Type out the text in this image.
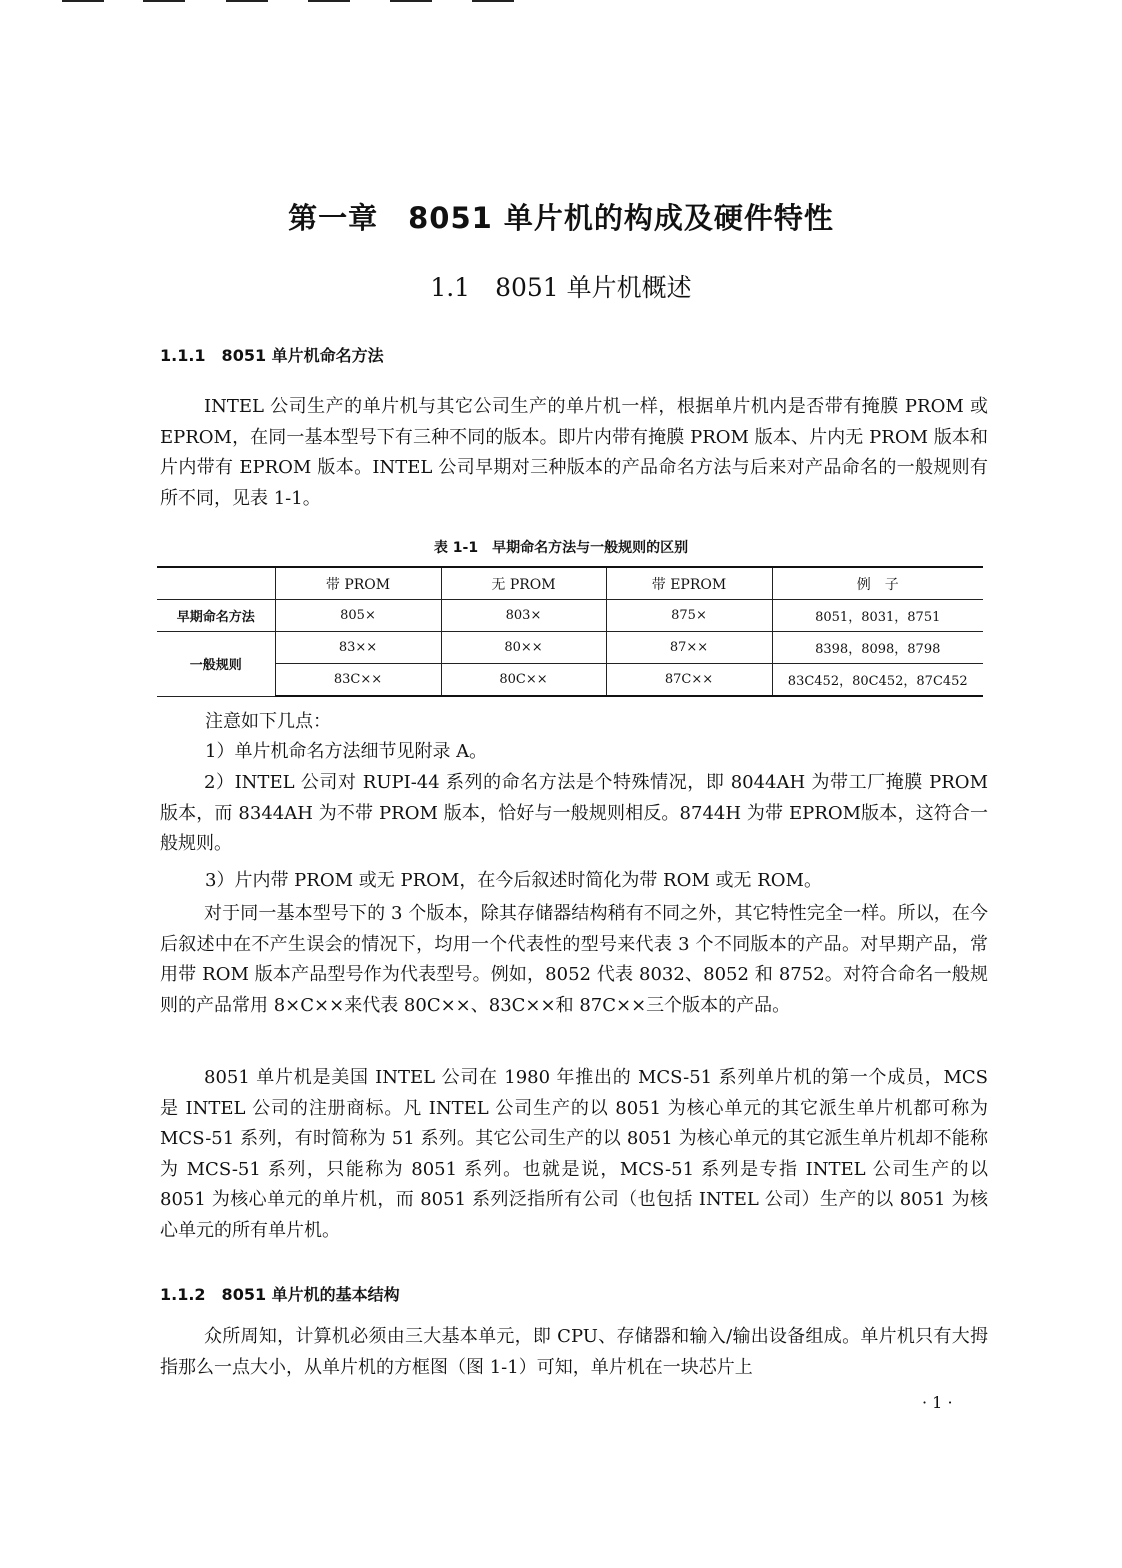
第一章　8051 单片机的构成及硬件特性
1.1　8051 单片机概述
1.1.1　8051 单片机命名方法

INTEL 公司生产的单片机与其它公司生产的单片机一样，根据单片机内是否带有掩膜 PROM 或 EPROM，在同一基本型号下有三种不同的版本。即片内带有掩膜 PROM 版本、片内无 PROM 版本和片内带有 EPROM 版本。INTEL 公司早期对三种版本的产品命名方法与后来对产品命名的一般规则有所不同，见表 1-1。

表 1-1　早期命名方法与一般规则的区别

	带 PROM	无 PROM	带 EPROM	例　子
早期命名方法	805×	803×	875×	8051，8031，8751
一般规则	83××	80××	87××	8398，8098，8798
	83C××	80C××	87C××	83C452，80C452，87C452

注意如下几点：

1）单片机命名方法细节见附录 A。

2）INTEL 公司对 RUPI-44 系列的命名方法是个特殊情况，即 8044AH 为带工厂掩膜 PROM 版本，而 8344AH 为不带 PROM 版本，恰好与一般规则相反。8744H 为带 EPROM版本，这符合一般规则。

3）片内带 PROM 或无 PROM，在今后叙述时简化为带 ROM 或无 ROM。

对于同一基本型号下的 3 个版本，除其存储器结构稍有不同之外，其它特性完全一样。所以，在今后叙述中在不产生误会的情况下，均用一个代表性的型号来代表 3 个不同版本的产品。对早期产品，常用带 ROM 版本产品型号作为代表型号。例如，8052 代表 8032、8052 和 8752。对符合命名一般规则的产品常用 8×C××来代表 80C××、83C××和 87C××三个版本的产品。

8051 单片机是美国 INTEL 公司在 1980 年推出的 MCS-51 系列单片机的第一个成员，MCS 是 INTEL 公司的注册商标。凡 INTEL 公司生产的以 8051 为核心单元的其它派生单片机都可称为 MCS-51 系列，有时简称为 51 系列。其它公司生产的以 8051 为核心单元的其它派生单片机却不能称为 MCS-51 系列，只能称为 8051 系列。也就是说，MCS-51 系列是专指 INTEL 公司生产的以 8051 为核心单元的单片机，而 8051 系列泛指所有公司（也包括 INTEL 公司）生产的以 8051 为核心单元的所有单片机。

1.1.2　8051 单片机的基本结构

众所周知，计算机必须由三大基本单元，即 CPU、存储器和输入/输出设备组成。单片机只有大拇指那么一点大小，从单片机的方框图（图 1-1）可知，单片机在一块芯片上

· 1 ·
